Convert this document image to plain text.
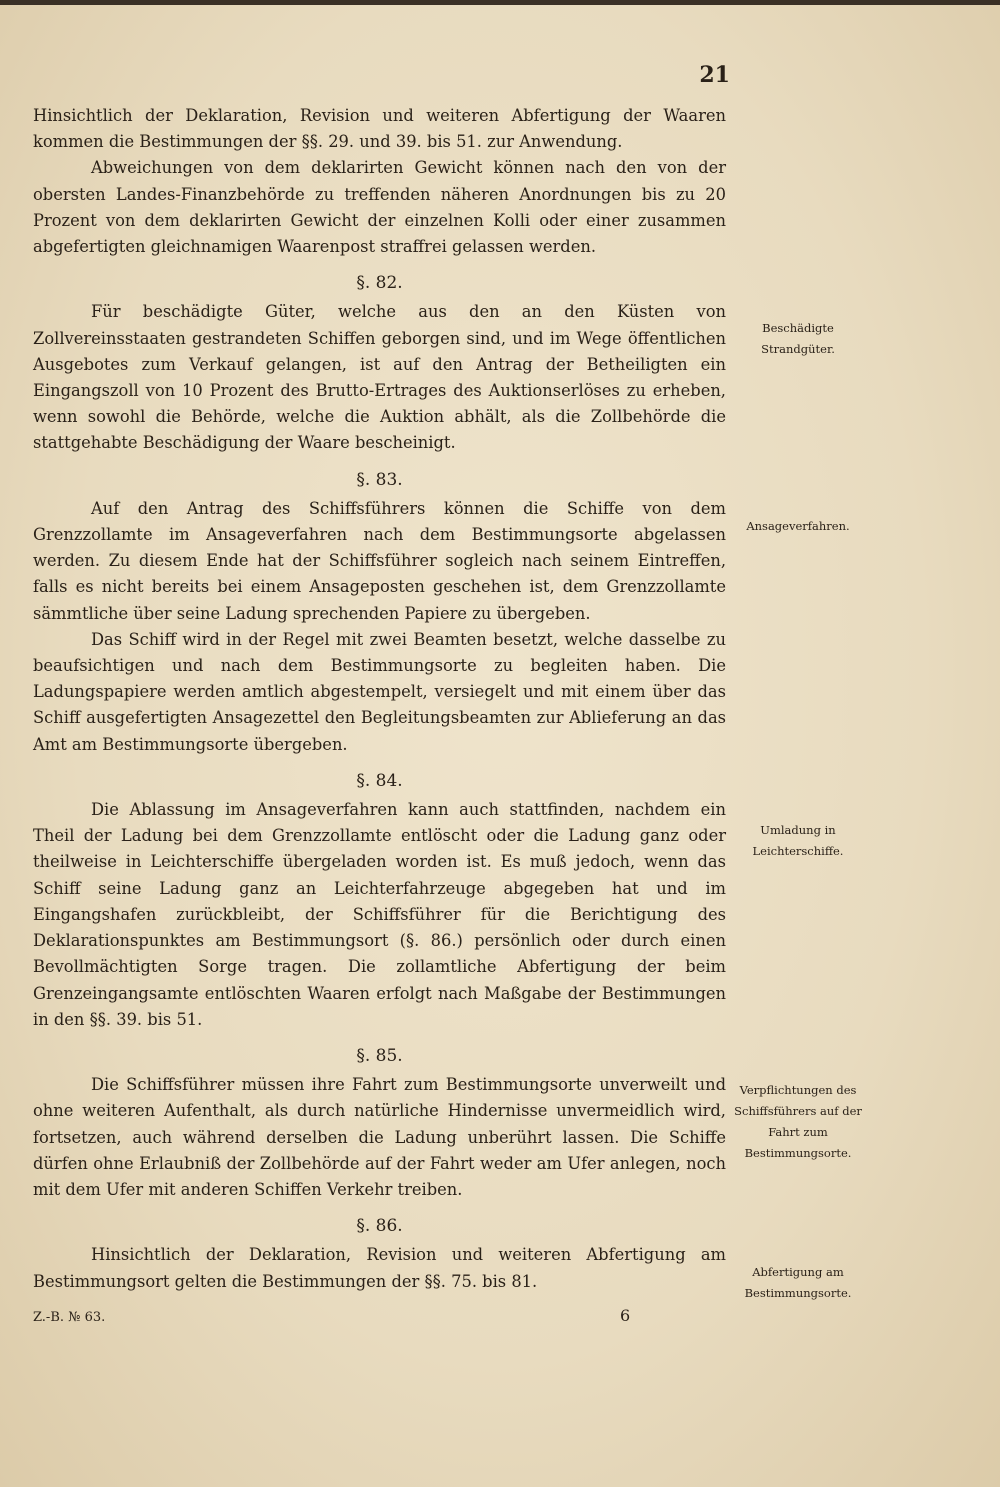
21

Hinsichtlich der Deklaration, Revision und weiteren Abfertigung der Waaren kommen die Bestimmungen der §§. 29. und 39. bis 51. zur Anwendung.

Abweichungen von dem deklarirten Gewicht können nach den von der obersten Landes-Finanzbehörde zu treffenden näheren Anordnungen bis zu 20 Prozent von dem deklarirten Gewicht der einzelnen Kolli oder einer zusammen abgefertigten gleichnamigen Waarenpost straffrei gelassen werden.

§. 82.

Für beschädigte Güter, welche aus den an den Küsten von Zollvereinsstaaten gestrandeten Schiffen geborgen sind, und im Wege öffentlichen Ausgebotes zum Verkauf gelangen, ist auf den Antrag der Betheiligten ein Eingangszoll von 10 Prozent des Brutto-Ertrages des Auktionserlöses zu erheben, wenn sowohl die Behörde, welche die Auktion abhält, als die Zollbehörde die stattgehabte Beschädigung der Waare bescheinigt.

§. 83.

Auf den Antrag des Schiffsführers können die Schiffe von dem Grenzzollamte im Ansageverfahren nach dem Bestimmungsorte abgelassen werden. Zu diesem Ende hat der Schiffsführer sogleich nach seinem Eintreffen, falls es nicht bereits bei einem Ansageposten geschehen ist, dem Grenzzollamte sämmtliche über seine Ladung sprechenden Papiere zu übergeben.

Das Schiff wird in der Regel mit zwei Beamten besetzt, welche dasselbe zu beaufsichtigen und nach dem Bestimmungsorte zu begleiten haben. Die Ladungspapiere werden amtlich abgestempelt, versiegelt und mit einem über das Schiff ausgefertigten Ansagezettel den Begleitungsbeamten zur Ablieferung an das Amt am Bestimmungsorte übergeben.

§. 84.

Die Ablassung im Ansageverfahren kann auch stattfinden, nachdem ein Theil der Ladung bei dem Grenzzollamte entlöscht oder die Ladung ganz oder theilweise in Leichterschiffe übergeladen worden ist. Es muß jedoch, wenn das Schiff seine Ladung ganz an Leichterfahrzeuge abgegeben hat und im Eingangshafen zurückbleibt, der Schiffsführer für die Berichtigung des Deklarationspunktes am Bestimmungsort (§. 86.) persönlich oder durch einen Bevollmächtigten Sorge tragen. Die zollamtliche Abfertigung der beim Grenzeingangsamte entlöschten Waaren erfolgt nach Maßgabe der Bestimmungen in den §§. 39. bis 51.

§. 85.

Die Schiffsführer müssen ihre Fahrt zum Bestimmungsorte unverweilt und ohne weiteren Aufenthalt, als durch natürliche Hindernisse unvermeidlich wird, fortsetzen, auch während derselben die Ladung unberührt lassen. Die Schiffe dürfen ohne Erlaubniß der Zollbehörde auf der Fahrt weder am Ufer anlegen, noch mit dem Ufer mit anderen Schiffen Verkehr treiben.

§. 86.

Hinsichtlich der Deklaration, Revision und weiteren Abfertigung am Bestimmungsort gelten die Bestimmungen der §§. 75. bis 81.

Beschädigte Strandgüter.
Ansageverfahren.
Umladung in Leichterschiffe.
Verpflichtungen des Schiffsführers auf der Fahrt zum Bestimmungsorte.
Abfertigung am Bestimmungsorte.
Z.-B. № 63.	6
